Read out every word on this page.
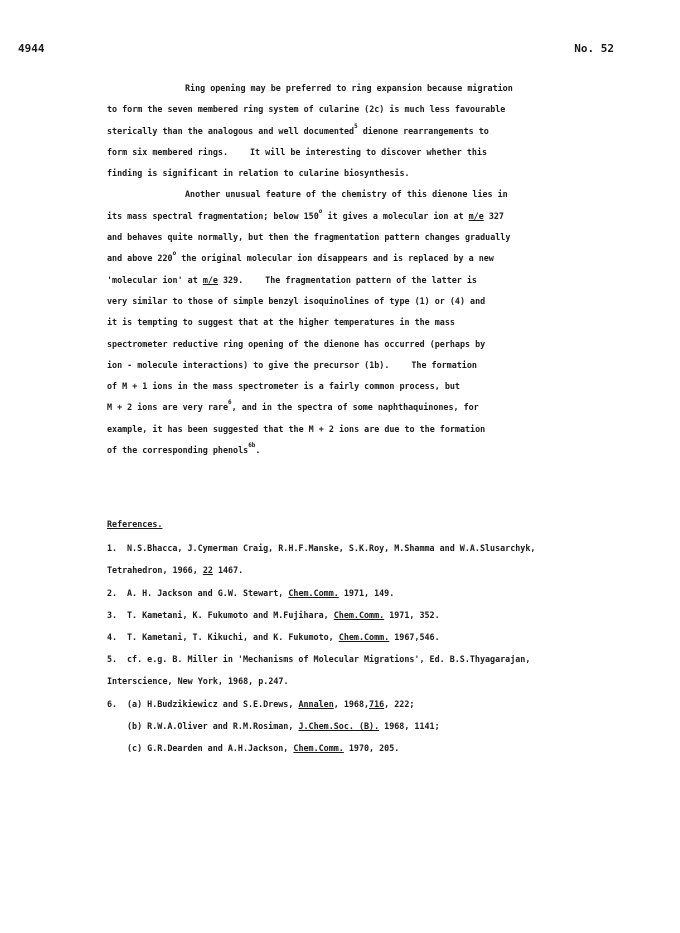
4944	No. 52
Ring opening may be preferred to ring expansion because migration
to form the seven membered ring system of cularine (2c) is much less favourable
sterically than the analogous and well documented$^5$ dienone rearrangements to
form six membered rings.	It will be interesting to discover whether this
finding is significant in relation to cularine biosynthesis.
Another unusual feature of the chemistry of this dienone lies in
its mass spectral fragmentation; below 150$^o$ it gives a molecular ion at m/e 327
and behaves quite normally, but then the fragmentation pattern changes gradually
and above 220$^o$ the original molecular ion disappears and is replaced by a new
'molecular ion' at m/e 329.	The fragmentation pattern of the latter is
very similar to those of simple benzyl isoquinolines of type (1) or (4) and
it is tempting to suggest that at the higher temperatures in the mass
spectrometer reductive ring opening of the dienone has occurred (perhaps by
ion - molecule interactions) to give the precursor (1b).	The formation
of M + 1 ions in the mass spectrometer is a fairly common process, but
M + 2 ions are very rare$^6$, and in the spectra of some naphthaquinones, for
example, it has been suggested that the M + 2 ions are due to the formation
of the corresponding phenols$^{6b}$.
References.
1. N.S.Bhacca, J.Cymerman Craig, R.H.F.Manske, S.K.Roy, M.Shamma and W.A.Slusarchyk,
Tetrahedron, 1966, 22 1467.
2. A. H. Jackson and G.W. Stewart, Chem.Comm. 1971, 149.
3. T. Kametani, K. Fukumoto and M.Fujihara, Chem.Comm. 1971, 352.
4. T. Kametani, T. Kikuchi, and K. Fukumoto, Chem.Comm. 1967,546.
5. cf. e.g. B. Miller in 'Mechanisms of Molecular Migrations', Ed. B.S.Thyagarajan,
Interscience, New York, 1968, p.247.
6. (a) H.Budzikiewicz and S.E.Drews, Annalen, 1968,716, 222;
(b) R.W.A.Oliver and R.M.Rosiman, J.Chem.Soc. (B). 1968, 1141;
(c) G.R.Dearden and A.H.Jackson, Chem.Comm. 1970, 205.
